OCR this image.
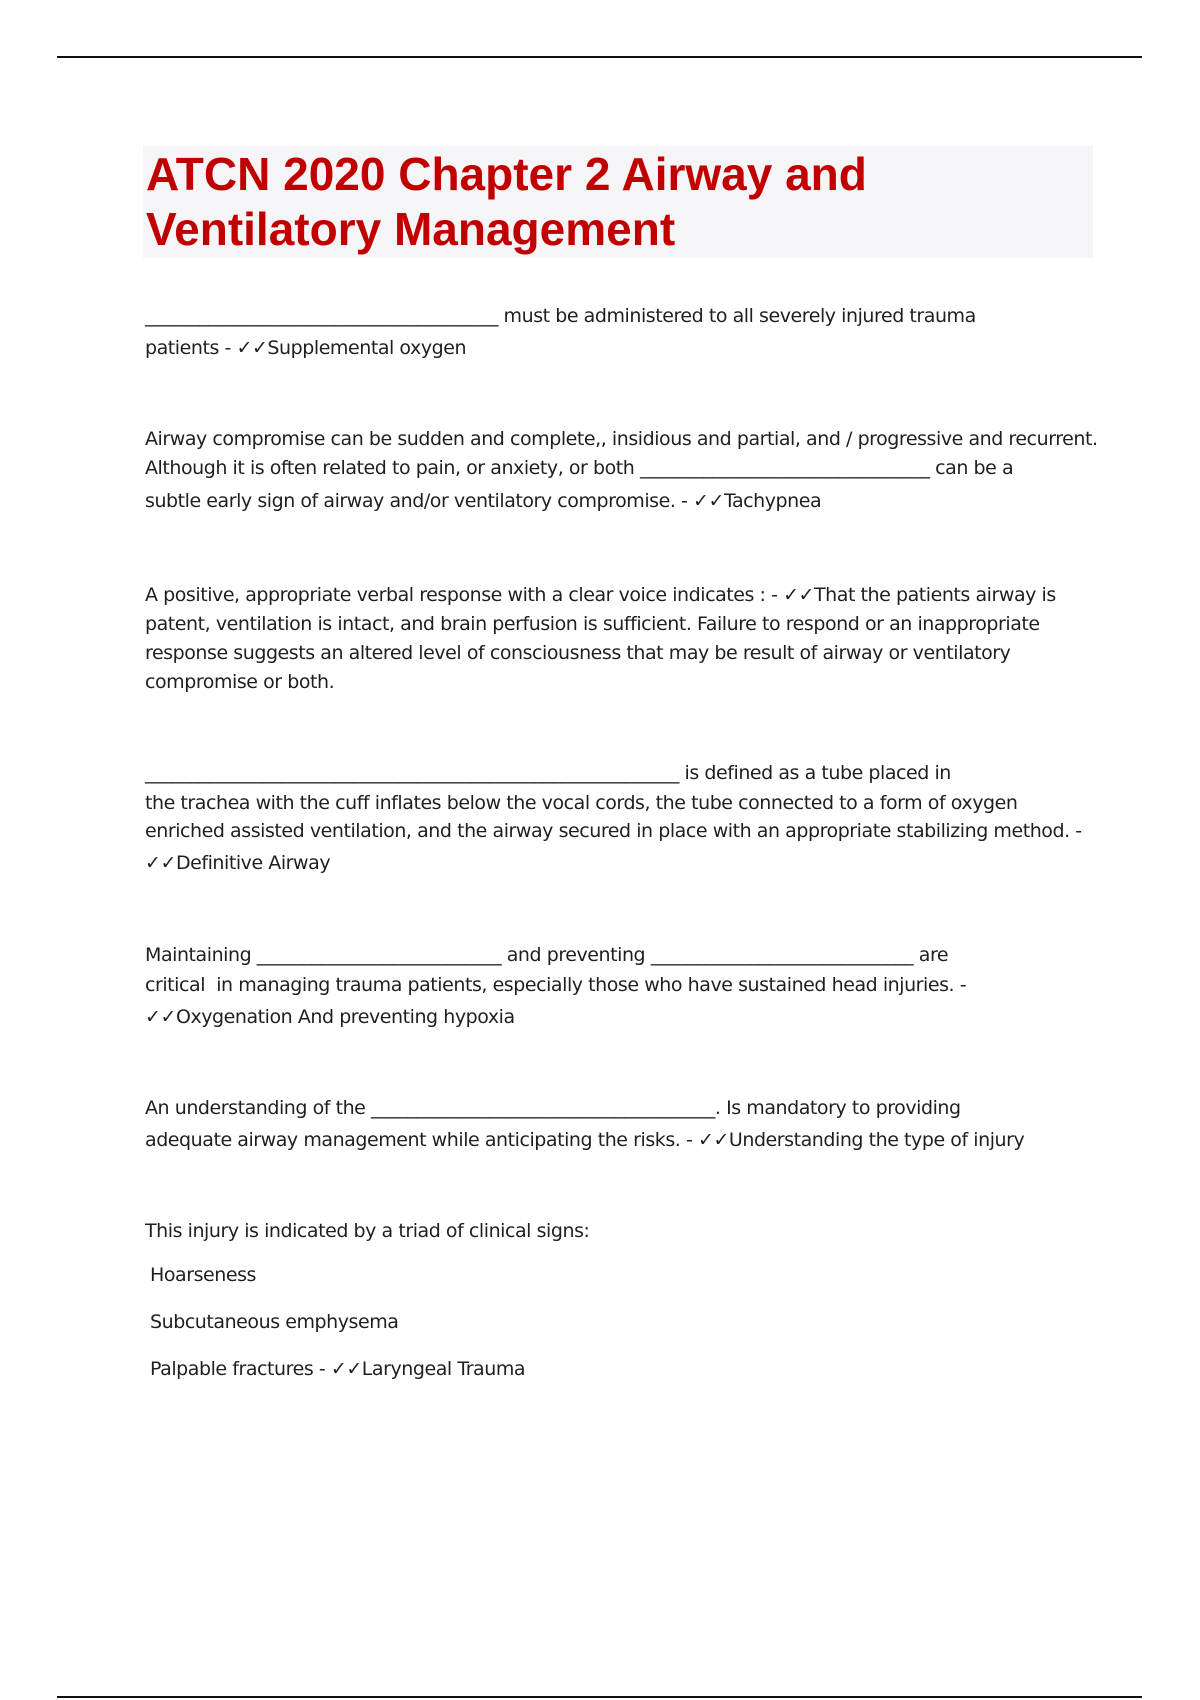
ATCN 2020 Chapter 2 Airway and
Ventilatory Management
_______________________________________ must be administered to all severely injured trauma
patients - ✓✓Supplemental oxygen
Airway compromise can be sudden and complete,, insidious and partial, and / progressive and recurrent.
Although it is often related to pain, or anxiety, or both ________________________________ can be a
subtle early sign of airway and/or ventilatory compromise. - ✓✓Tachypnea
A positive, appropriate verbal response with a clear voice indicates : - ✓✓That the patients airway is
patent, ventilation is intact, and brain perfusion is sufficient. Failure to respond or an inappropriate
response suggests an altered level of consciousness that may be result of airway or ventilatory
compromise or both.
___________________________________________________________ is defined as a tube placed in
the trachea with the cuff inflates below the vocal cords, the tube connected to a form of oxygen
enriched assisted ventilation, and the airway secured in place with an appropriate stabilizing method. -
✓✓Definitive Airway
Maintaining ___________________________ and preventing _____________________________ are
critical  in managing trauma patients, especially those who have sustained head injuries. -
✓✓Oxygenation And preventing hypoxia
An understanding of the ______________________________________. Is mandatory to providing
adequate airway management while anticipating the risks. - ✓✓Understanding the type of injury
This injury is indicated by a triad of clinical signs:
Hoarseness
Subcutaneous emphysema
Palpable fractures - ✓✓Laryngeal Trauma
